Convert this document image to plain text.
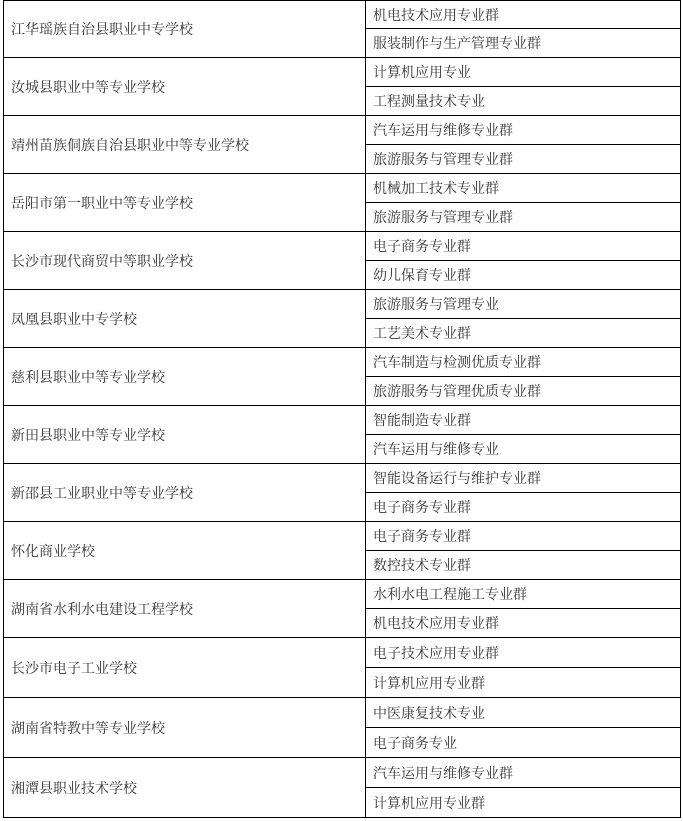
江华瑶族自治县职业中专学校	机电技术应用专业群
	服装制作与生产管理专业群
汝城县职业中等专业学校	计算机应用专业
	工程测量技术专业
靖州苗族侗族自治县职业中等专业学校	汽车运用与维修专业群
	旅游服务与管理专业群
岳阳市第一职业中等专业学校	机械加工技术专业群
	旅游服务与管理专业群
长沙市现代商贸中等职业学校	电子商务专业群
	幼儿保育专业群
凤凰县职业中专学校	旅游服务与管理专业
	工艺美术专业群
慈利县职业中等专业学校	汽车制造与检测优质专业群
	旅游服务与管理优质专业群
新田县职业中等专业学校	智能制造专业群
	汽车运用与维修专业
新邵县工业职业中等专业学校	智能设备运行与维护专业群
	电子商务专业群
怀化商业学校	电子商务专业群
	数控技术专业群
湖南省水利水电建设工程学校	水利水电工程施工专业群
	机电技术应用专业群
长沙市电子工业学校	电子技术应用专业群
	计算机应用专业群
湖南省特教中等专业学校	中医康复技术专业
	电子商务专业
湘潭县职业技术学校	汽车运用与维修专业群
	计算机应用专业群
